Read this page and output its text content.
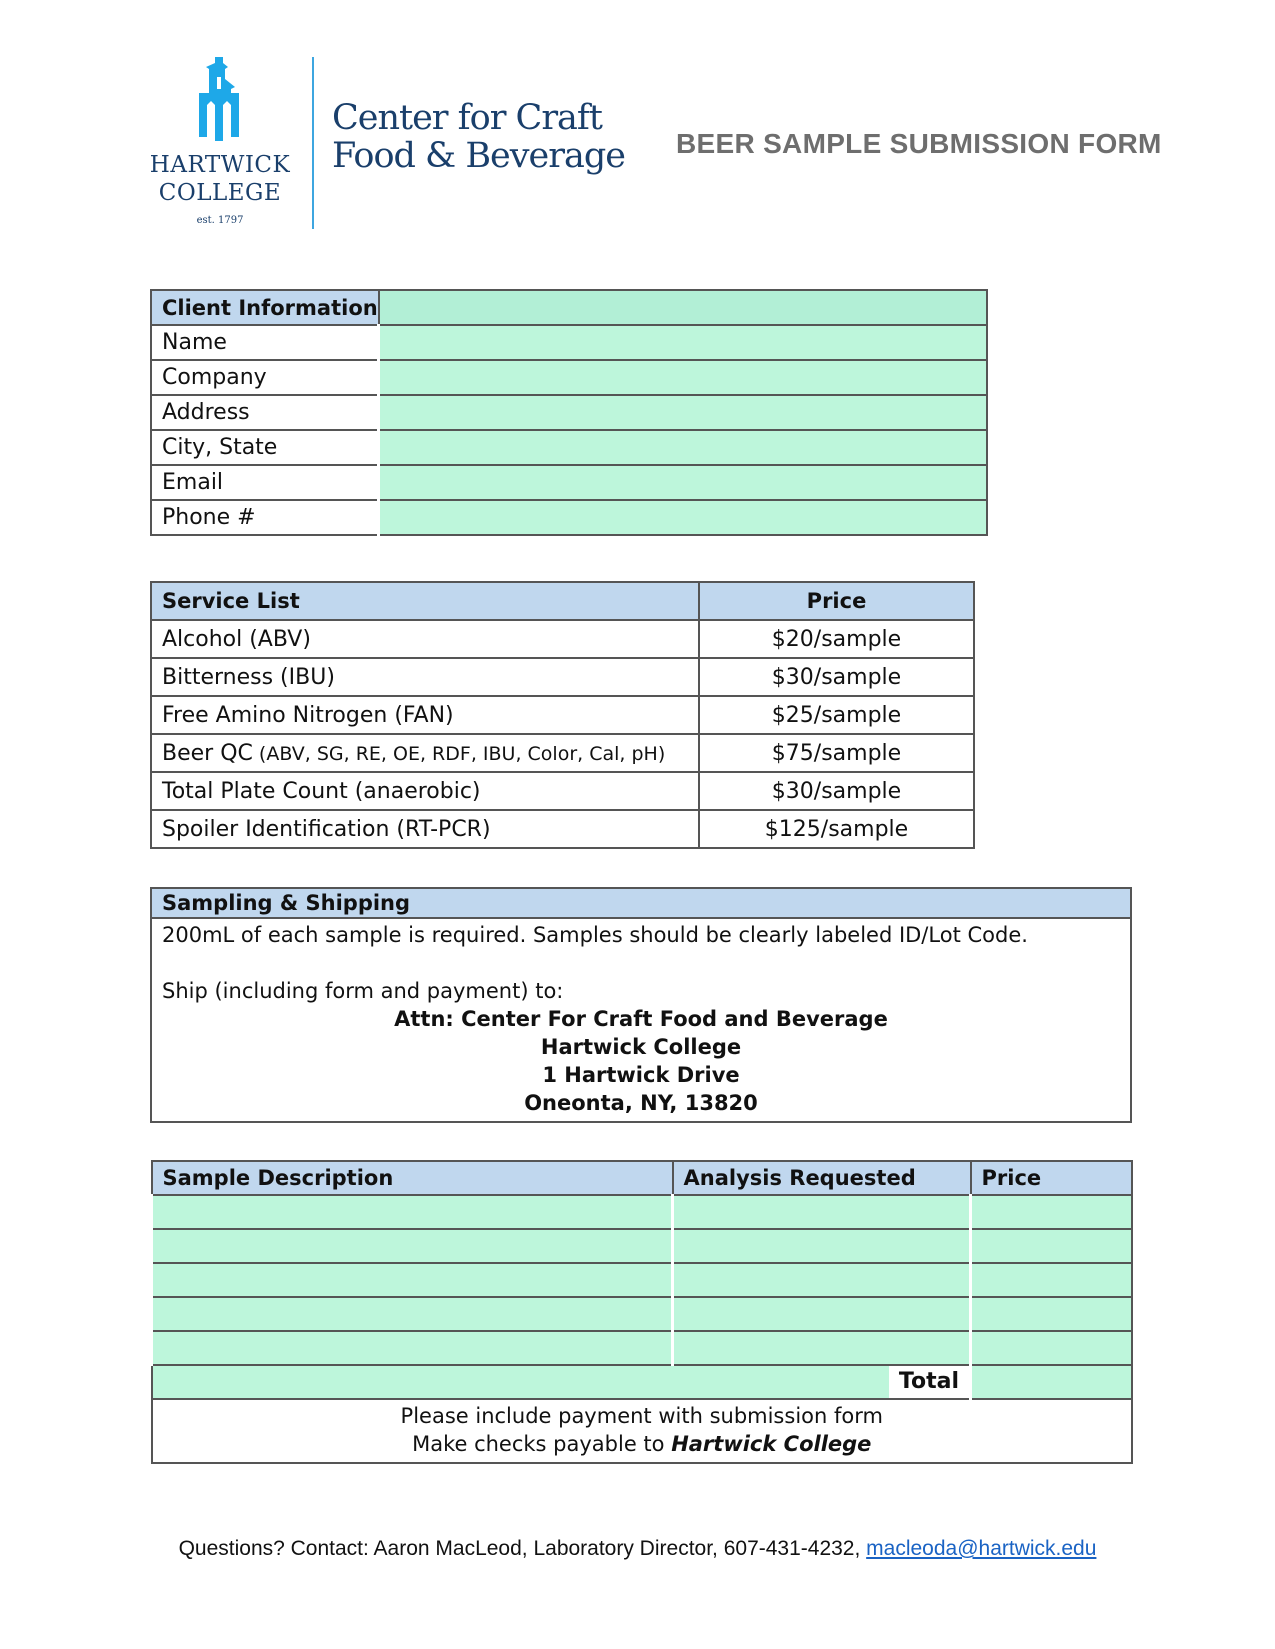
HARTWICK
COLLEGE
est. 1797
Center for Craft
Food & Beverage BEER SAMPLE SUBMISSION FORM
Client Information	
Name	
Company	
Address	
City, State	
Email	
Phone #	
Service List	Price
Alcohol (ABV)	$20/sample
Bitterness (IBU)	$30/sample
Free Amino Nitrogen (FAN)	$25/sample
Beer QC (ABV, SG, RE, OE, RDF, IBU, Color, Cal, pH)	$75/sample
Total Plate Count (anaerobic)	$30/sample
Spoiler Identification (RT-PCR)	$125/sample
Sampling & Shipping
200mL of each sample is required. Samples should be clearly labeled ID/Lot Code.
Ship (including form and payment) to:
Attn: Center For Craft Food and Beverage
Hartwick College
1 Hartwick Drive
Oneonta, NY, 13820
Sample Description	Analysis Requested	Price

Total		

Please include payment with submission form
Make checks payable to Hartwick College		
Questions? Contact: Aaron MacLeod, Laboratory Director, 607-431-4232, macleoda@hartwick.edu
